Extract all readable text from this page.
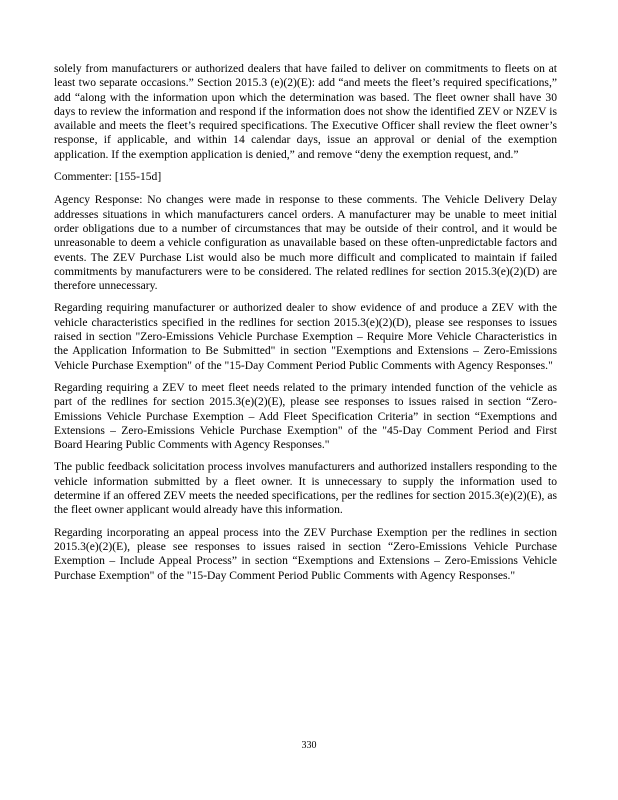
solely from manufacturers or authorized dealers that have failed to deliver on commitments to fleets on at least two separate occasions.” Section 2015.3 (e)(2)(E): add “and meets the fleet’s required specifications,” add “along with the information upon which the determination was based. The fleet owner shall have 30 days to review the information and respond if the information does not show the identified ZEV or NZEV is available and meets the fleet’s required specifications. The Executive Officer shall review the fleet owner’s response, if applicable, and within 14 calendar days, issue an approval or denial of the exemption application. If the exemption application is denied,” and remove “deny the exemption request, and.”

Commenter: [155-15d]

Agency Response: No changes were made in response to these comments. The Vehicle Delivery Delay addresses situations in which manufacturers cancel orders. A manufacturer may be unable to meet initial order obligations due to a number of circumstances that may be outside of their control, and it would be unreasonable to deem a vehicle configuration as unavailable based on these often-unpredictable factors and events. The ZEV Purchase List would also be much more difficult and complicated to maintain if failed commitments by manufacturers were to be considered. The related redlines for section 2015.3(e)(2)(D) are therefore unnecessary.

Regarding requiring manufacturer or authorized dealer to show evidence of and produce a ZEV with the vehicle characteristics specified in the redlines for section 2015.3(e)(2)(D), please see responses to issues raised in section "Zero-Emissions Vehicle Purchase Exemption – Require More Vehicle Characteristics in the Application Information to Be Submitted" in section "Exemptions and Extensions – Zero-Emissions Vehicle Purchase Exemption" of the "15-Day Comment Period Public Comments with Agency Responses."

Regarding requiring a ZEV to meet fleet needs related to the primary intended function of the vehicle as part of the redlines for section 2015.3(e)(2)(E), please see responses to issues raised in section “Zero-Emissions Vehicle Purchase Exemption – Add Fleet Specification Criteria” in section “Exemptions and Extensions – Zero-Emissions Vehicle Purchase Exemption" of the "45-Day Comment Period and First Board Hearing Public Comments with Agency Responses."

The public feedback solicitation process involves manufacturers and authorized installers responding to the vehicle information submitted by a fleet owner. It is unnecessary to supply the information used to determine if an offered ZEV meets the needed specifications, per the redlines for section 2015.3(e)(2)(E), as the fleet owner applicant would already have this information.

Regarding incorporating an appeal process into the ZEV Purchase Exemption per the redlines in section 2015.3(e)(2)(E), please see responses to issues raised in section “Zero-Emissions Vehicle Purchase Exemption – Include Appeal Process” in section “Exemptions and Extensions – Zero-Emissions Vehicle Purchase Exemption" of the "15-Day Comment Period Public Comments with Agency Responses."

330
